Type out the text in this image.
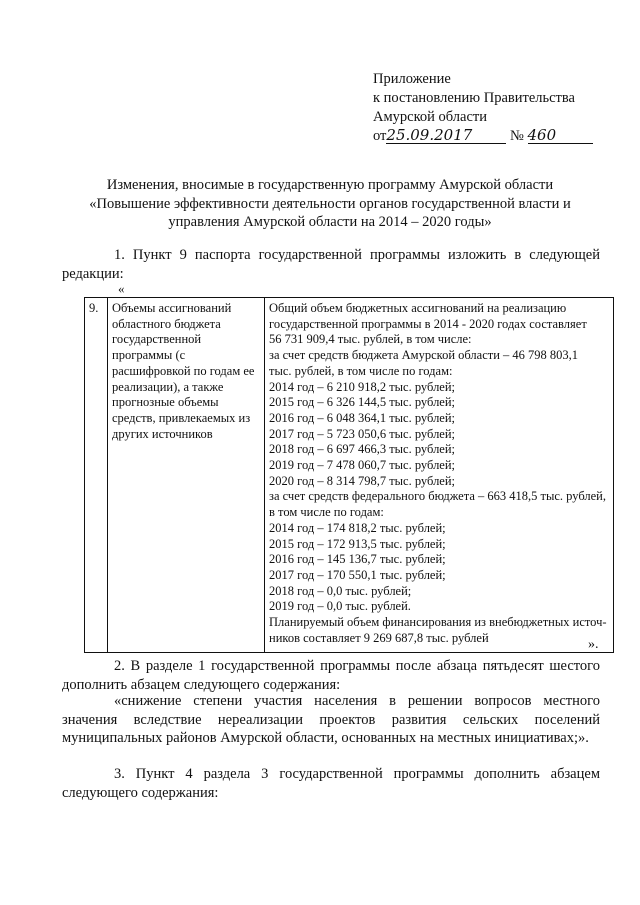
Приложение
к постановлению Правительства
Амурской области
от25.09.2017	№ 460
Изменения, вносимые в государственную программу Амурской области
«Повышение эффективности деятельности органов государственной власти и
управления Амурской области на 2014 – 2020 годы»
1. Пункт 9 паспорта государственной программы изложить в следующей редакции:
«
9.	Объемы ассигнований областного бюджета государственной программы (с расшифровкой по годам ее реализации), а также прогнозные объемы средств, привлекаемых из других источников	
Общий объем бюджетных ассигнований на реализацию
государственной программы в 2014 - 2020 годах составляет
56 731 909,4 тыс. рублей, в том числе:
за счет средств бюджета Амурской области – 46 798 803,1
тыс. рублей, в том числе по годам:
2014 год – 6 210 918,2 тыс. рублей;
2015 год – 6 326 144,5 тыс. рублей;
2016 год – 6 048 364,1 тыс. рублей;
2017 год – 5 723 050,6 тыс. рублей;
2018 год – 6 697 466,3 тыс. рублей;
2019 год – 7 478 060,7 тыс. рублей;
2020 год – 8 314 798,7 тыс. рублей;
за счет средств федерального бюджета – 663 418,5 тыс. рублей,
в том числе по годам:
2014 год – 174 818,2 тыс. рублей;
2015 год – 172 913,5 тыс. рублей;
2016 год – 145 136,7 тыс. рублей;
2017 год – 170 550,1 тыс. рублей;
2018 год – 0,0 тыс. рублей;
2019 год – 0,0 тыс. рублей.
Планируемый объем финансирования из внебюджетных источ-
ников составляет 9 269 687,8 тыс. рублей	».
2. В разделе 1 государственной программы после абзаца пятьдесят шестого дополнить абзацем следующего содержания:
«снижение степени участия населения в решении вопросов местного значения вследствие нереализации проектов развития сельских поселений муниципальных районов Амурской области, основанных на местных инициативах;».
3. Пункт 4 раздела 3 государственной программы дополнить абзацем следующего содержания:
